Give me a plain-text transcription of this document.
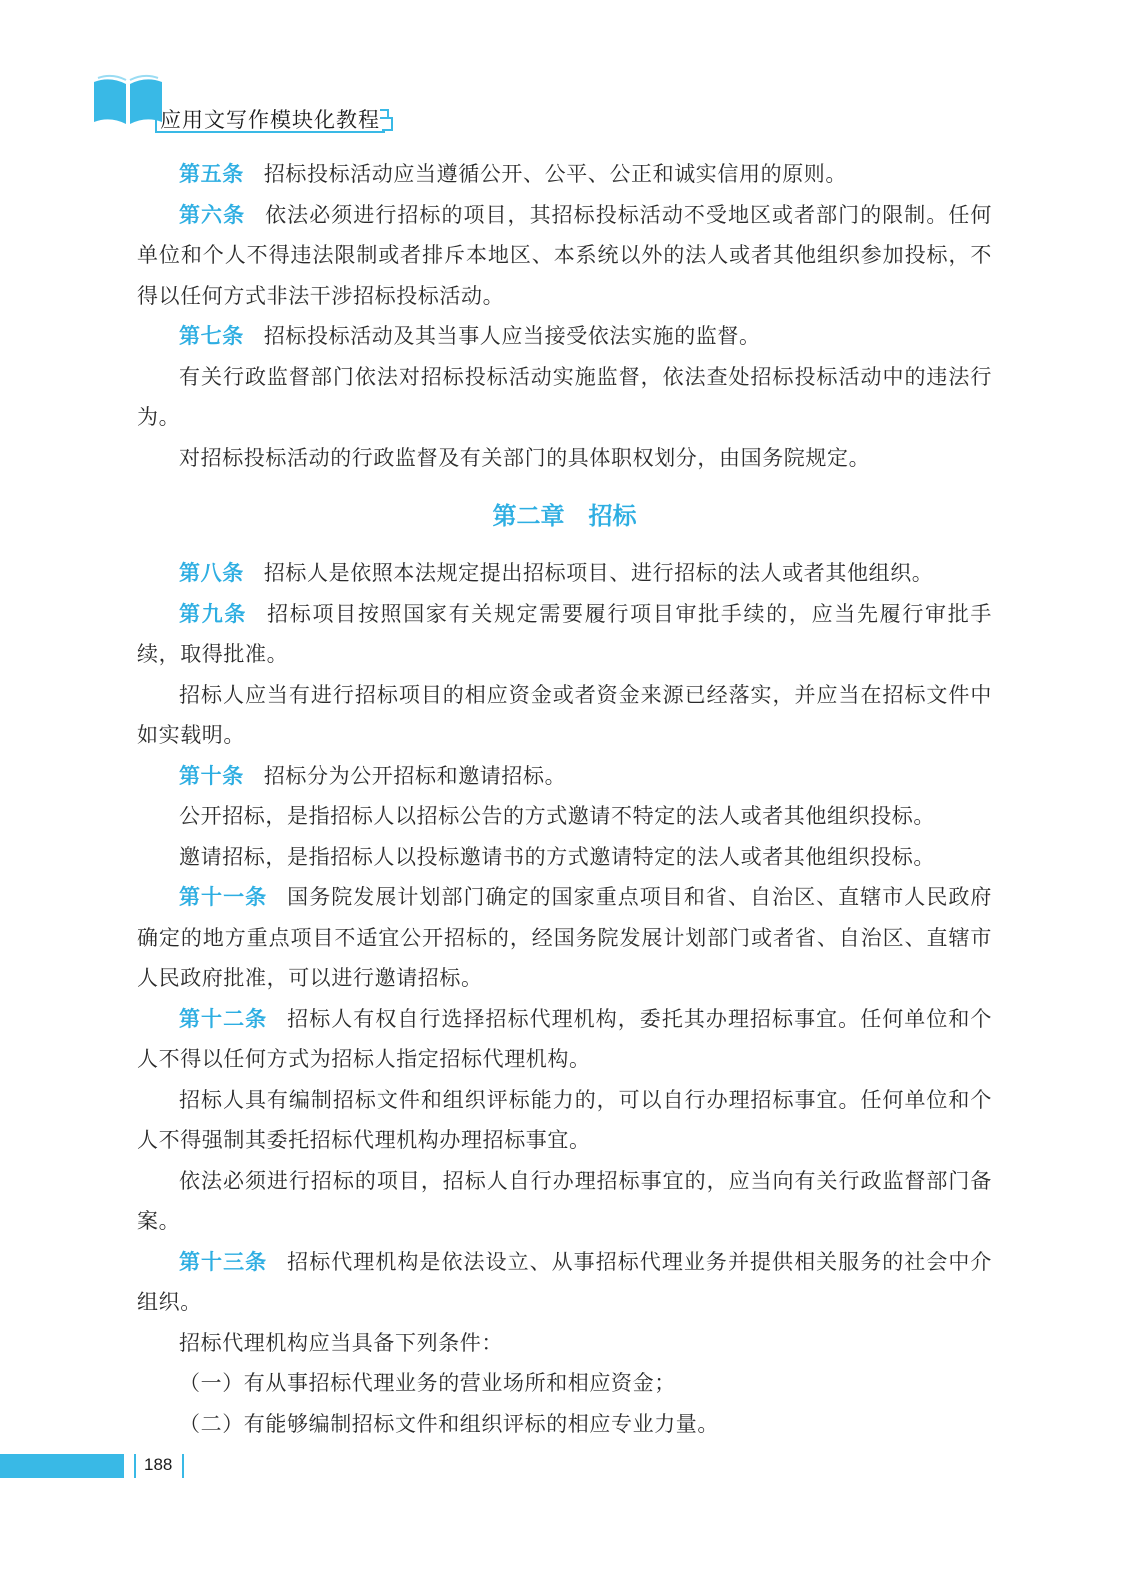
应用文写作模块化教程

第五条 招标投标活动应当遵循公开、公平、公正和诚实信用的原则。

第六条 依法必须进行招标的项目，其招标投标活动不受地区或者部门的限制。任何单位和个人不得违法限制或者排斥本地区、本系统以外的法人或者其他组织参加投标，不得以任何方式非法干涉招标投标活动。

第七条 招标投标活动及其当事人应当接受依法实施的监督。

有关行政监督部门依法对招标投标活动实施监督，依法查处招标投标活动中的违法行为。

对招标投标活动的行政监督及有关部门的具体职权划分，由国务院规定。

第二章　招标

第八条 招标人是依照本法规定提出招标项目、进行招标的法人或者其他组织。

第九条 招标项目按照国家有关规定需要履行项目审批手续的，应当先履行审批手续，取得批准。

招标人应当有进行招标项目的相应资金或者资金来源已经落实，并应当在招标文件中如实载明。

第十条 招标分为公开招标和邀请招标。

公开招标，是指招标人以招标公告的方式邀请不特定的法人或者其他组织投标。

邀请招标，是指招标人以投标邀请书的方式邀请特定的法人或者其他组织投标。

第十一条 国务院发展计划部门确定的国家重点项目和省、自治区、直辖市人民政府确定的地方重点项目不适宜公开招标的，经国务院发展计划部门或者省、自治区、直辖市人民政府批准，可以进行邀请招标。

第十二条 招标人有权自行选择招标代理机构，委托其办理招标事宜。任何单位和个人不得以任何方式为招标人指定招标代理机构。

招标人具有编制招标文件和组织评标能力的，可以自行办理招标事宜。任何单位和个人不得强制其委托招标代理机构办理招标事宜。

依法必须进行招标的项目，招标人自行办理招标事宜的，应当向有关行政监督部门备案。

第十三条 招标代理机构是依法设立、从事招标代理业务并提供相关服务的社会中介组织。

招标代理机构应当具备下列条件：

（一）有从事招标代理业务的营业场所和相应资金；

（二）有能够编制招标文件和组织评标的相应专业力量。

188
